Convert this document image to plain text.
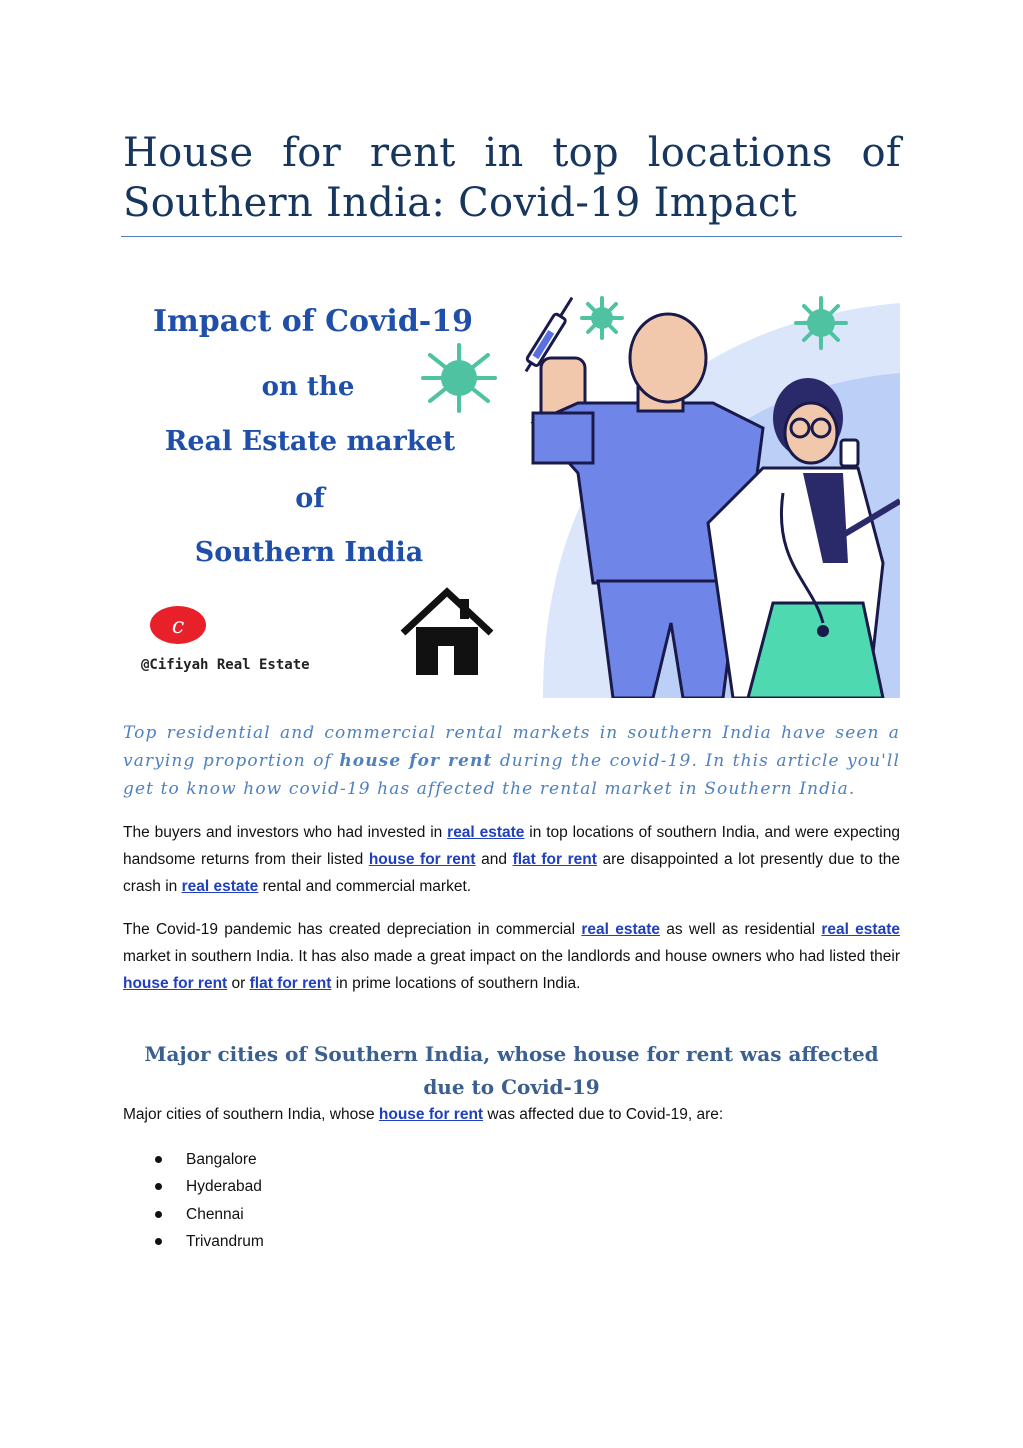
House for rent in top locations of Southern India: Covid-19 Impact
Impact of Covid-19
on the
Real Estate market
of
Southern India
c
@Cifiyah Real Estate

Top residential and commercial rental markets in southern India have seen a varying proportion of house for rent during the covid-19. In this article you'll get to know how covid-19 has affected the rental market in Southern India.

The buyers and investors who had invested in real estate in top locations of southern India, and were expecting handsome returns from their listed house for rent and flat for rent are disappointed a lot presently due to the crash in real estate rental and commercial market.

The Covid-19 pandemic has created depreciation in commercial real estate as well as residential real estate market in southern India. It has also made a great impact on the landlords and house owners who had listed their house for rent or flat for rent in prime locations of southern India.

Major cities of Southern India, whose house for rent was affected due to Covid-19

Major cities of southern India, whose house for rent was affected due to Covid-19, are:

Bangalore
Hyderabad
Chennai
Trivandrum
